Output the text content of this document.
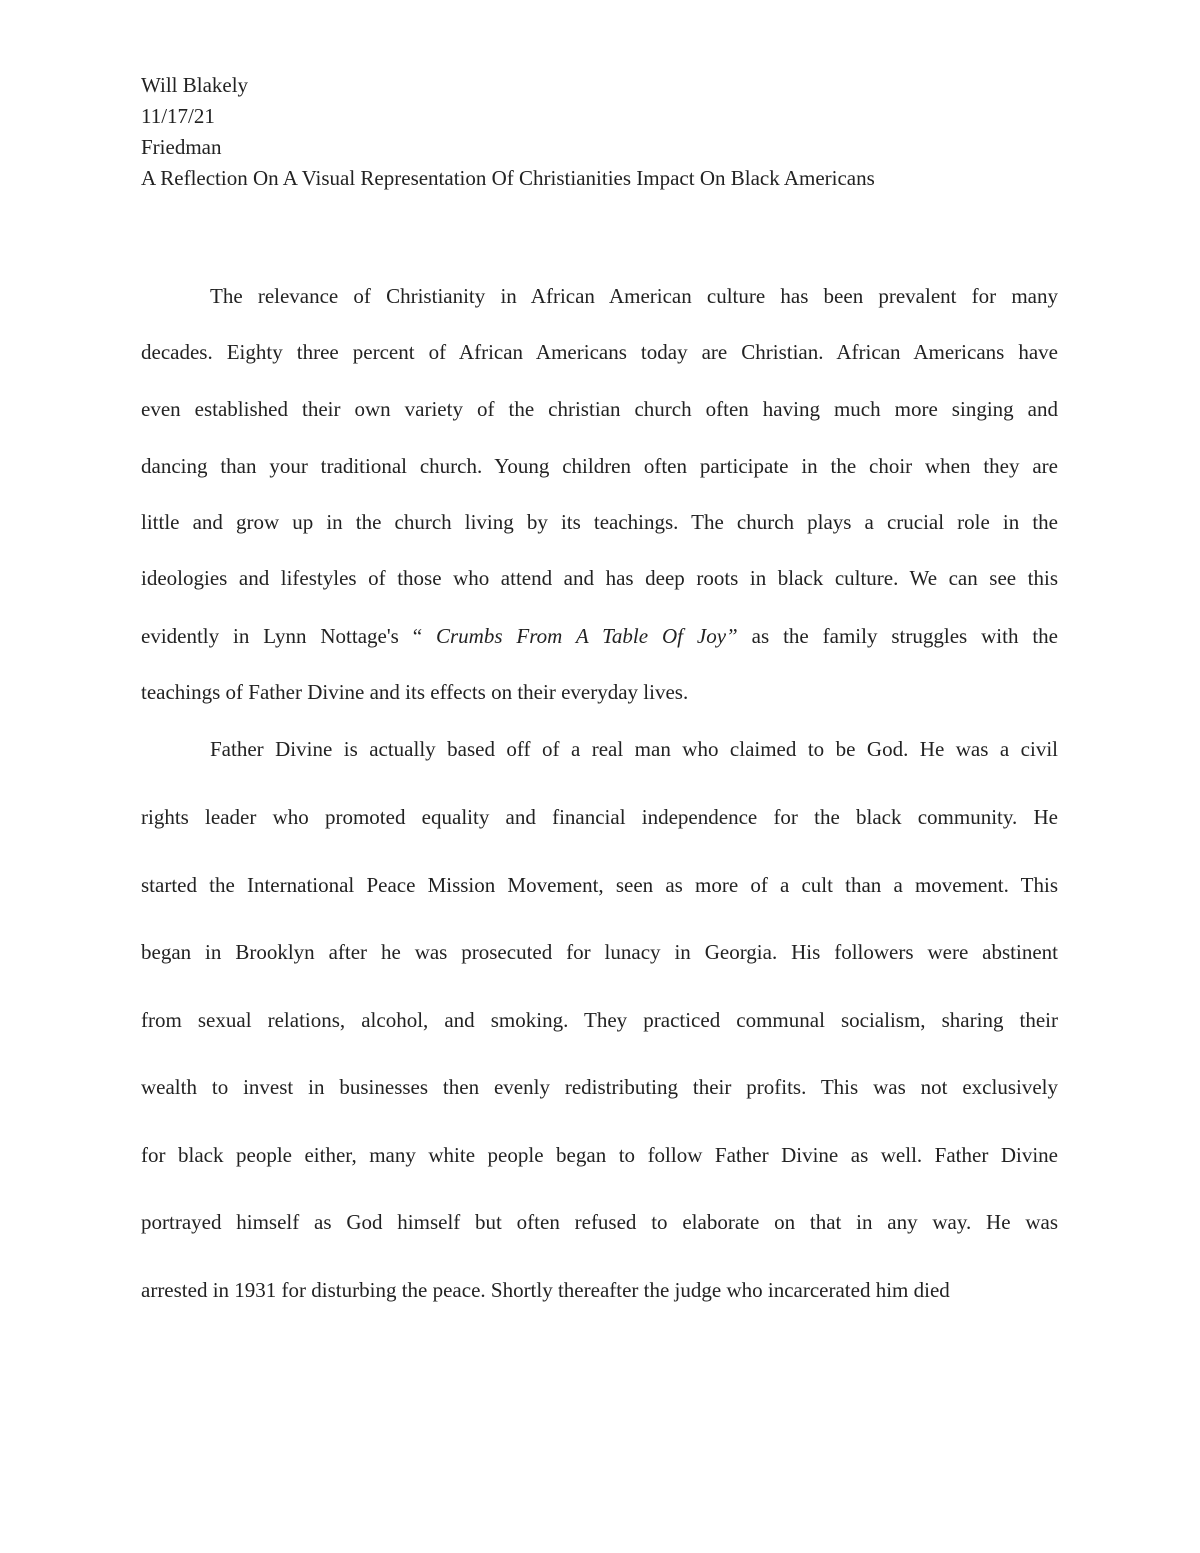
Will Blakely
11/17/21
Friedman
A Reflection On A Visual Representation Of Christianities Impact On Black Americans
The relevance of Christianity in African American culture has been prevalent for many
decades. Eighty three percent of African Americans today are Christian. African Americans have
even established their own variety of the christian church often having much more singing and
dancing than your traditional church. Young children often participate in the choir when they are
little and grow up in the church living by its teachings. The church plays a crucial role in the
ideologies and lifestyles of those who attend and has deep roots in black culture. We can see this
evidently in Lynn Nottage's “ Crumbs From A Table Of Joy” as the family struggles with the
teachings of Father Divine and its effects on their everyday lives.
Father Divine is actually based off of a real man who claimed to be God. He was a civil
rights leader who promoted equality and financial independence for the black community. He
started the International Peace Mission Movement, seen as more of a cult than a movement. This
began in Brooklyn after he was prosecuted for lunacy in Georgia. His followers were abstinent
from sexual relations, alcohol, and smoking. They practiced communal socialism, sharing their
wealth to invest in businesses then evenly redistributing their profits. This was not exclusively
for black people either, many white people began to follow Father Divine as well. Father Divine
portrayed himself as God himself but often refused to elaborate on that in any way. He was
arrested in 1931 for disturbing the peace. Shortly thereafter the judge who incarcerated him died
